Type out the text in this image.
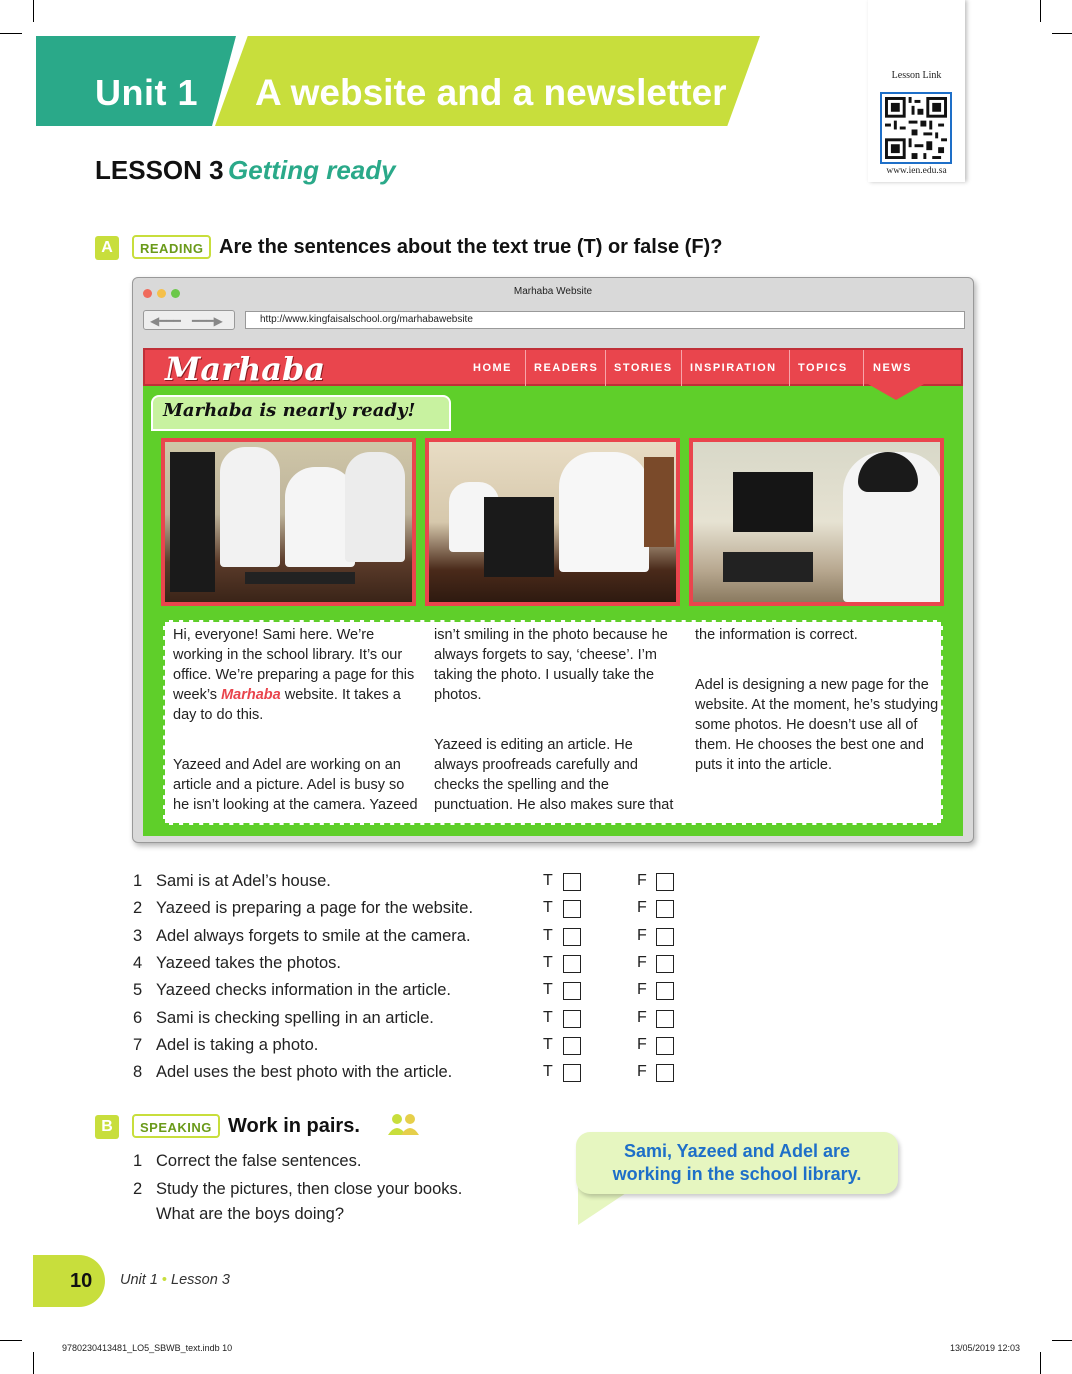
Unit 1 A website and a newsletter	Lesson Link
www.ien.edu.sa
LESSON 3 Getting ready
A	READING Are the sentences about the text true (T) or false (F)?
Marhaba Website
◀━━━ ━━━▶	http://www.kingfaisalschool.org/marhabawebsite
Marhaba	HOME READERS STORIES INSPIRATION TOPICS NEWS
Marhaba is nearly ready!
Hi, everyone! Sami here. We’re working in the school library. It’s our office. We’re preparing a page for this week’s Marhaba website. It takes a day to do this.
Yazeed and Adel are working on an article and a picture. Adel is busy so he isn’t looking at the camera. Yazeed
isn’t smiling in the photo because he always forgets to say, ‘cheese’. I’m taking the photo. I usually take the photos.
Yazeed is editing an article. He always proofreads carefully and checks the spelling and the punctuation. He also makes sure that
the information is correct.
Adel is designing a new page for the website. At the moment, he’s studying some photos. He doesn’t use all of them. He chooses the best one and puts it into the article.
1 Sami is at Adel’s house.	T	F
2 Yazeed is preparing a page for the website.	T	F
3 Adel always forgets to smile at the camera.	T	F
4 Yazeed takes the photos.	T	F
5 Yazeed checks information in the article.	T	F
6 Sami is checking spelling in an article.	T	F
7 Adel is taking a photo.	T	F
8 Adel uses the best photo with the article.	T	F
B	SPEAKING Work in pairs.
1 Correct the false sentences.
2 Study the pictures, then close your books.
What are the boys doing?
Sami, Yazeed and Adel are
working in the school library.
10 Unit 1 • Lesson 3
9780230413481_LO5_SBWB_text.indb 10	13/05/2019 12:03
